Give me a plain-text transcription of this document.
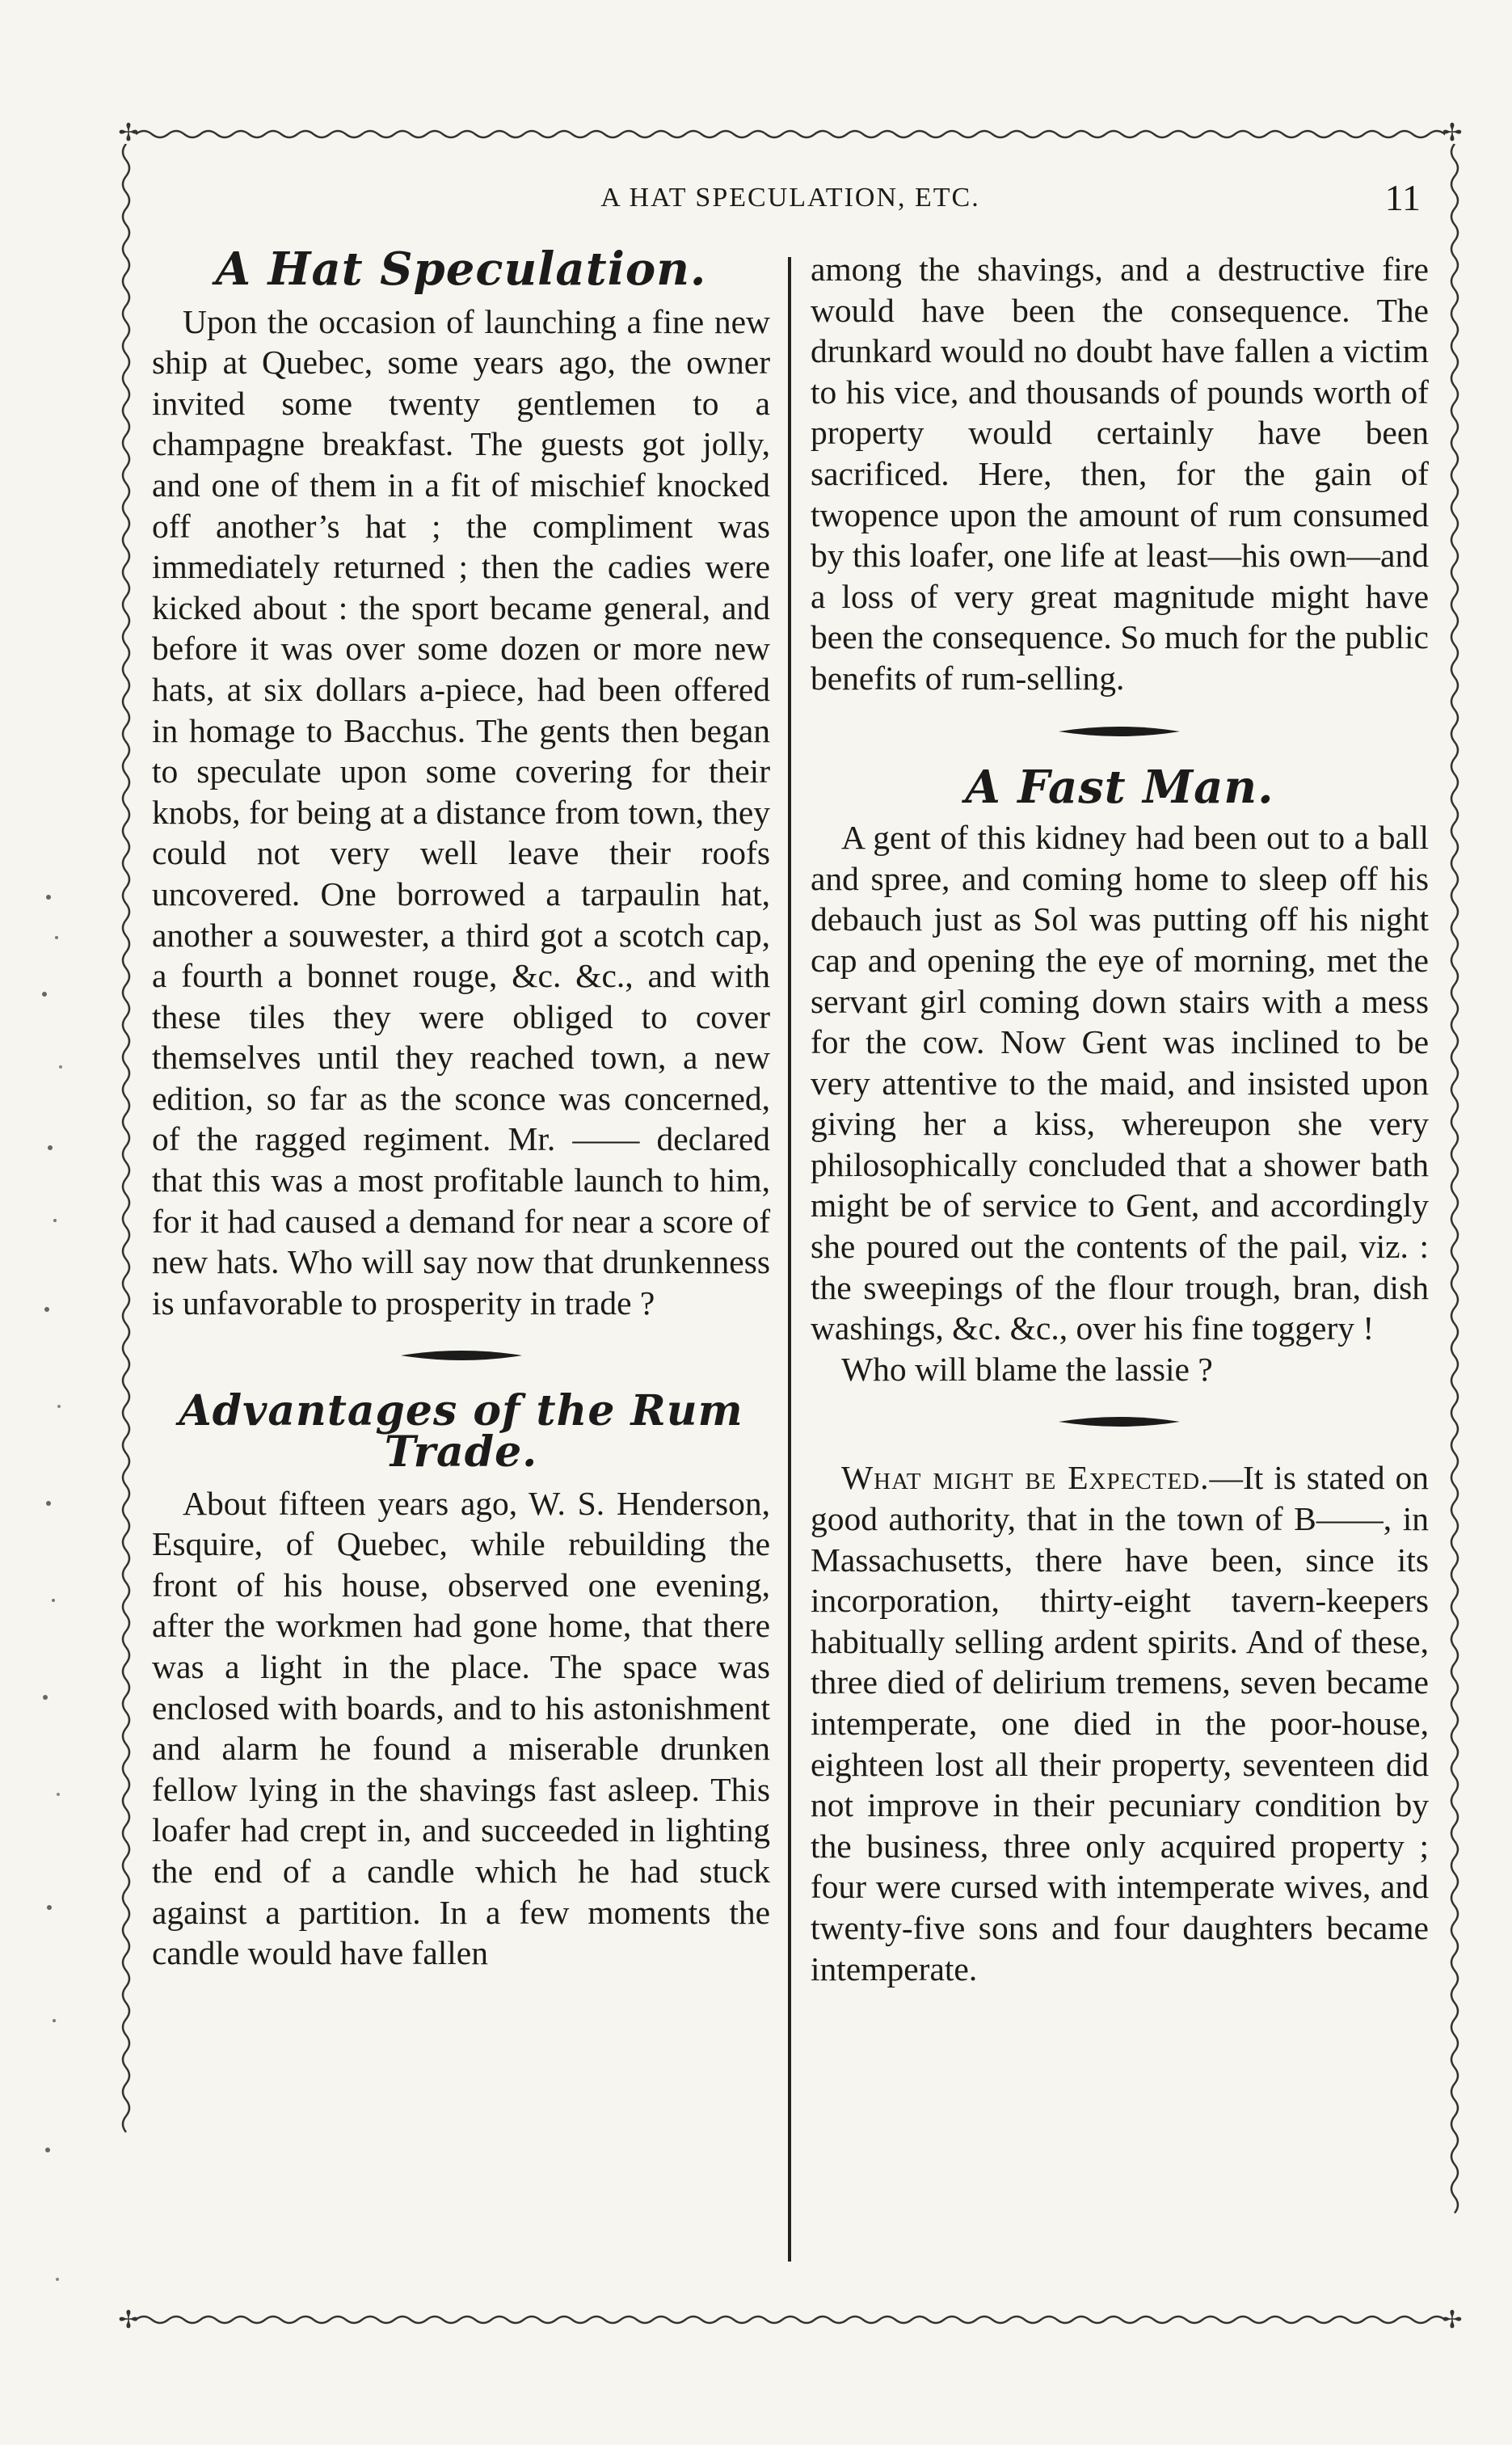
✢	✢
✢	✢
A HAT SPECULATION, ETC.	11
A Hat Speculation.

Upon the occasion of launching a fine new ship at Quebec, some years ago, the owner invited some twenty gentlemen to a champagne breakfast. The guests got jolly, and one of them in a fit of mischief knocked off another’s hat ; the compliment was immediately returned ; then the cadies were kicked about : the sport became general, and before it was over some dozen or more new hats, at six dollars a-piece, had been offered in homage to Bacchus. The gents then began to speculate upon some covering for their knobs, for being at a distance from town, they could not very well leave their roofs uncovered. One borrowed a tarpaulin hat, another a souwester, a third got a scotch cap, a fourth a bonnet rouge, &c. &c., and with these tiles they were obliged to cover themselves until they reached town, a new edition, so far as the sconce was concerned, of the ragged regiment. Mr. —— declared that this was a most profitable launch to him, for it had caused a demand for near a score of new hats. Who will say now that drunkenness is unfavorable to prosperity in trade ?

Advantages of the Rum Trade.

About fifteen years ago, W. S. Henderson, Esquire, of Quebec, while rebuilding the front of his house, observed one evening, after the workmen had gone home, that there was a light in the place. The space was enclosed with boards, and to his astonishment and alarm he found a miserable drunken fellow lying in the shavings fast asleep. This loafer had crept in, and succeeded in lighting the end of a candle which he had stuck against a partition. In a few moments the candle would have fallen

among the shavings, and a destructive fire would have been the consequence. The drunkard would no doubt have fallen a victim to his vice, and thousands of pounds worth of property would certainly have been sacrificed. Here, then, for the gain of twopence upon the amount of rum consumed by this loafer, one life at least—his own—and a loss of very great magnitude might have been the consequence. So much for the public benefits of rum-selling.

A Fast Man.

A gent of this kidney had been out to a ball and spree, and coming home to sleep off his debauch just as Sol was putting off his night cap and opening the eye of morning, met the servant girl coming down stairs with a mess for the cow. Now Gent was inclined to be very attentive to the maid, and insisted upon giving her a kiss, whereupon she very philosophically concluded that a shower bath might be of service to Gent, and accordingly she poured out the contents of the pail, viz. : the sweepings of the flour trough, bran, dish washings, &c. &c., over his fine toggery !

Who will blame the lassie ?

What might be Expected.—It is stated on good authority, that in the town of B——, in Massachusetts, there have been, since its incorporation, thirty-eight tavern-keepers habitually selling ardent spirits. And of these, three died of delirium tremens, seven became intemperate, one died in the poor-house, eighteen lost all their property, seventeen did not improve in their pecuniary condition by the business, three only acquired property ; four were cursed with intemperate wives, and twenty-five sons and four daughters became intemperate.
